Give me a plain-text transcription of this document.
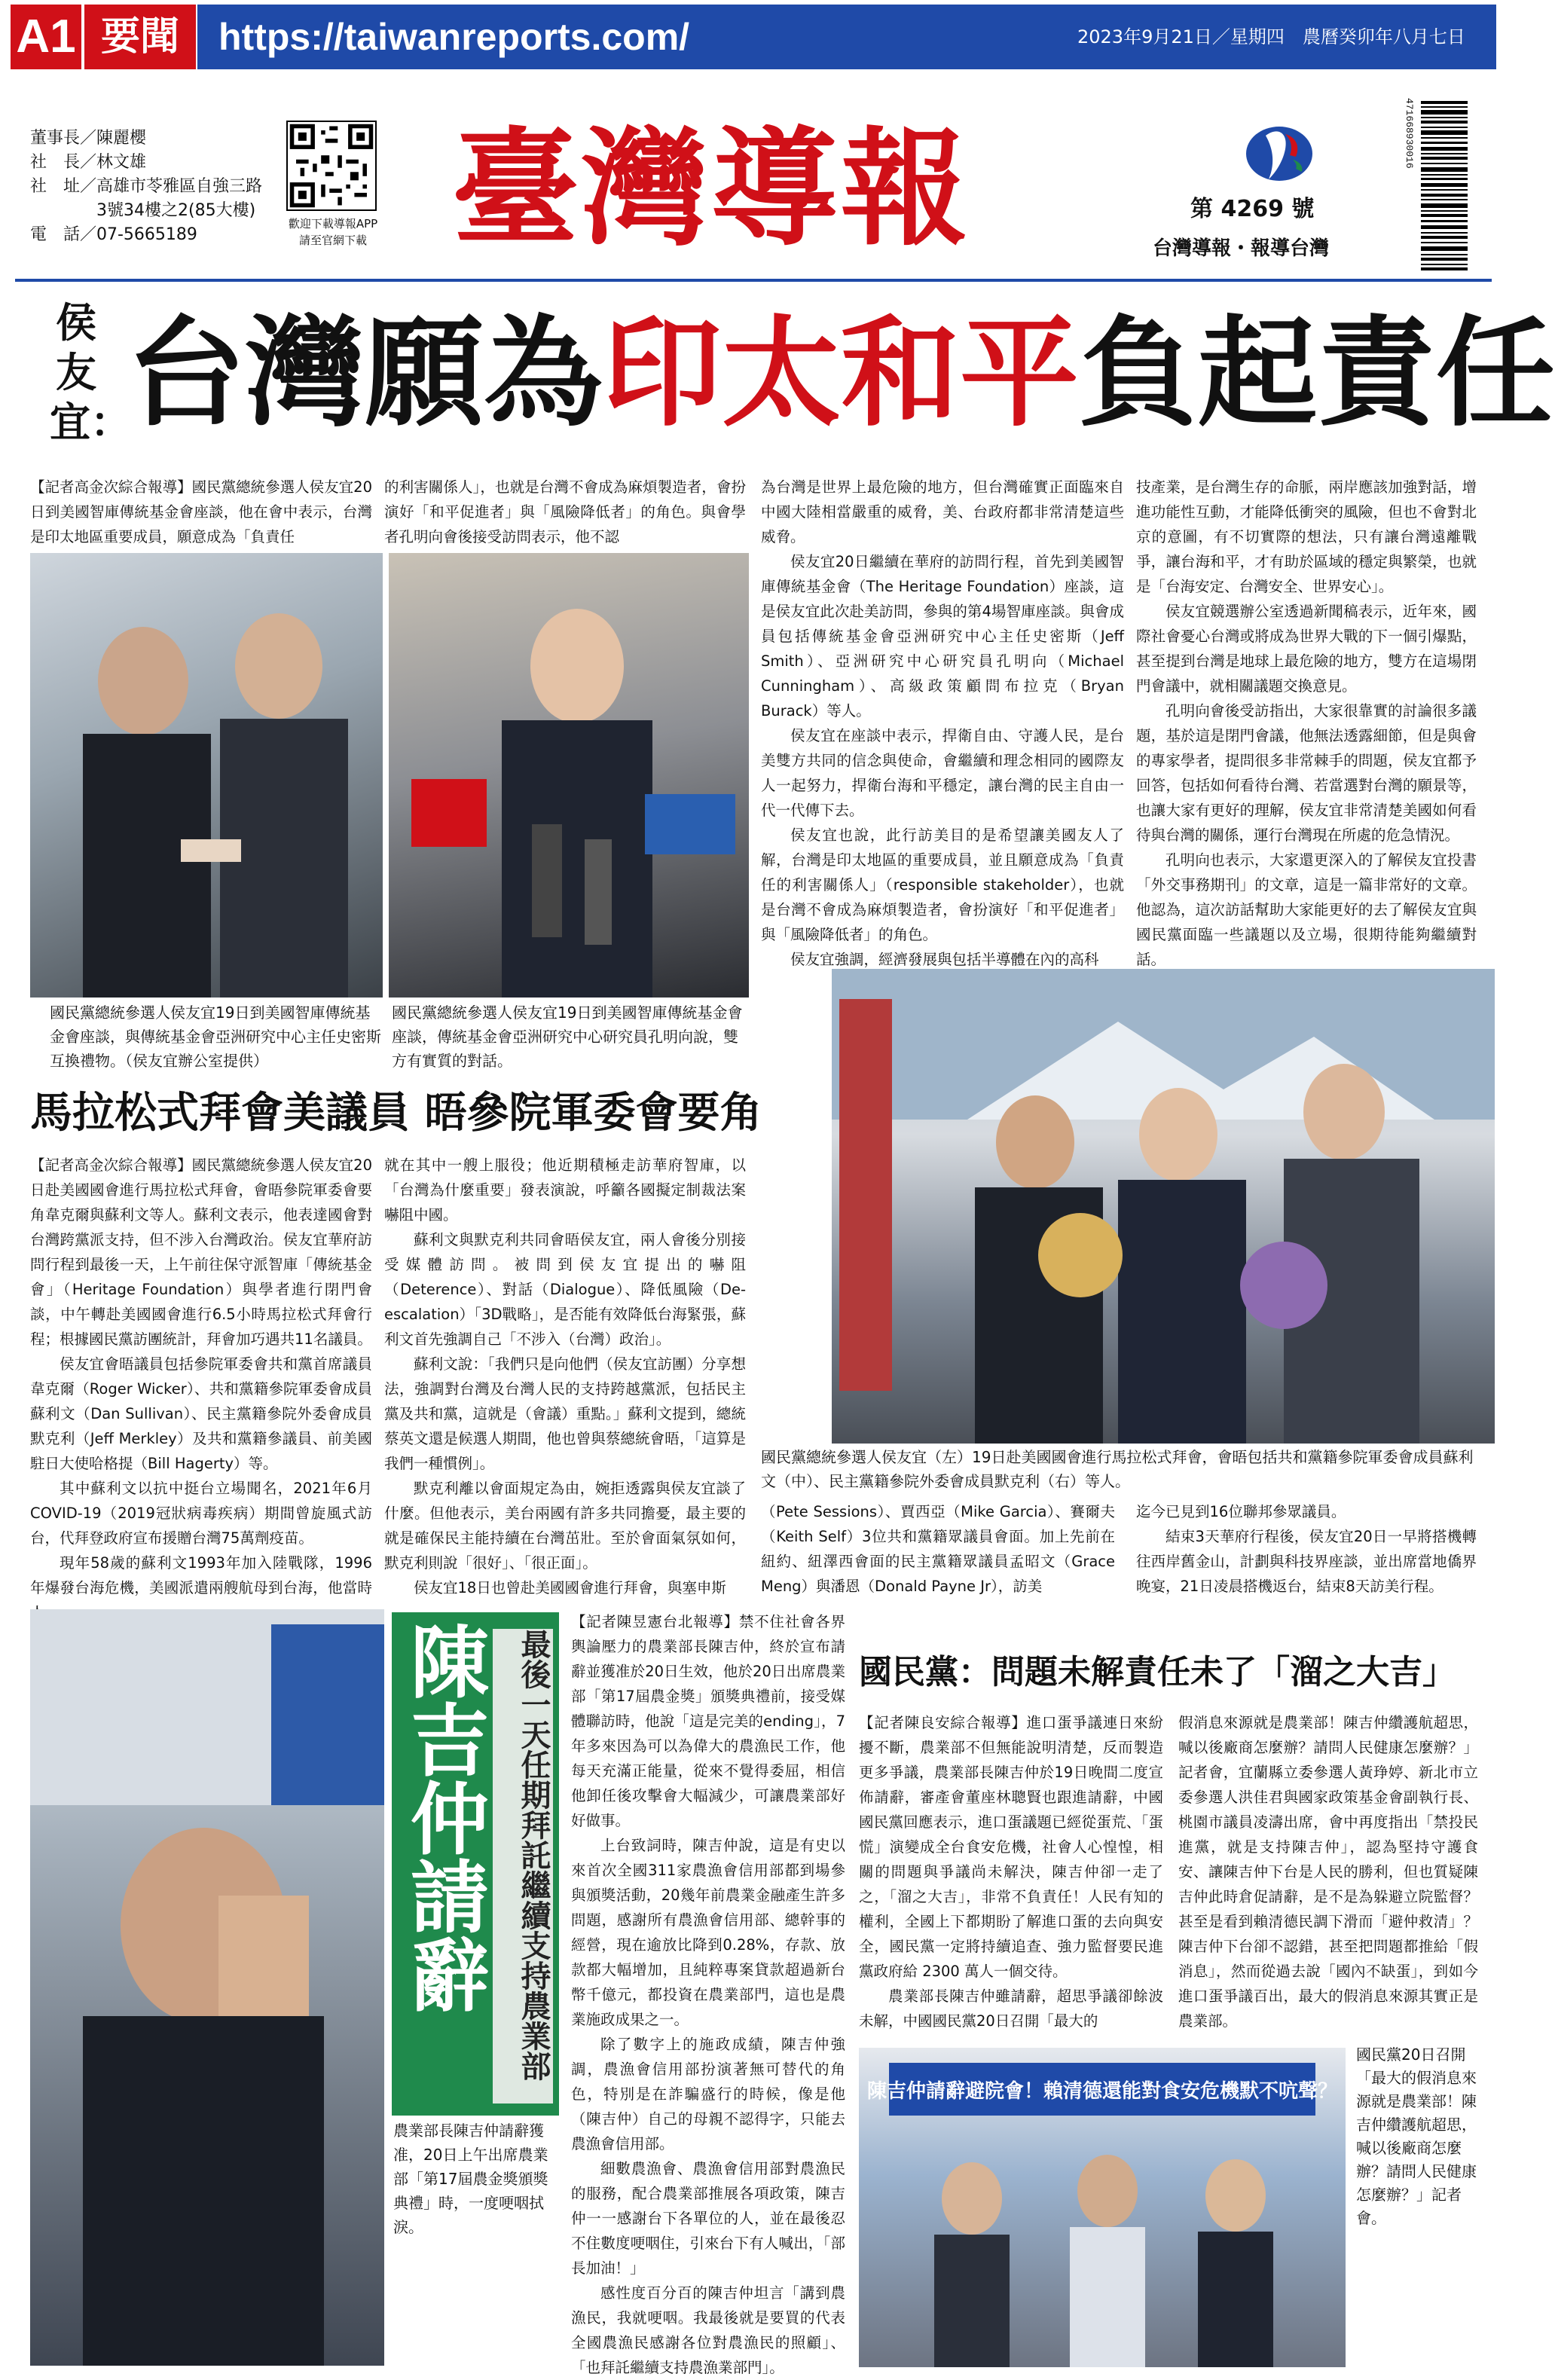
A1 要聞	https://taiwanreports.com/	2023年9月21日／星期四　農曆癸卯年八月七日
董事長／陳麗櫻
社　長／林文雄
社　址／高雄市苓雅區自強三路
　　　　3號34樓之2(85大樓)
電　話／07-5665189
歡迎下載導報APP
請至官網下載 臺灣導報	第 4269 號
台灣導報・報導台灣
471668930016
侯友宜：
台灣願為印太和平負起責任

【記者高金次綜合報導】國民黨總統參選人侯友宜20日到美國智庫傳統基金會座談，他在會中表示，台灣是印太地區重要成員，願意成為「負責任

的利害關係人」，也就是台灣不會成為麻煩製造者，會扮演好「和平促進者」與「風險降低者」的角色。與會學者孔明向會後接受訪問表示，他不認

為台灣是世界上最危險的地方，但台灣確實正面臨來自中國大陸相當嚴重的威脅，美、台政府都非常清楚這些威脅。

侯友宜20日繼續在華府的訪問行程，首先到美國智庫傳統基金會（The Heritage Foundation）座談，這是侯友宜此次赴美訪問，參與的第4場智庫座談。與會成員包括傳統基金會亞洲研究中心主任史密斯（Jeff Smith）、亞洲研究中心研究員孔明向（Michael Cunningham）、高級政策顧問布拉克（Bryan Burack）等人。

侯友宜在座談中表示，捍衛自由、守護人民，是台美雙方共同的信念與使命，會繼續和理念相同的國際友人一起努力，捍衛台海和平穩定，讓台灣的民主自由一代一代傳下去。

侯友宜也說，此行訪美目的是希望讓美國友人了解，台灣是印太地區的重要成員，並且願意成為「負責任的利害關係人」（responsible stakeholder），也就是台灣不會成為麻煩製造者，會扮演好「和平促進者」與「風險降低者」的角色。

侯友宜強調，經濟發展與包括半導體在內的高科

技產業，是台灣生存的命脈，兩岸應該加強對話，增進功能性互動，才能降低衝突的風險，但也不會對北京的意圖，有不切實際的想法，只有讓台灣遠離戰爭，讓台海和平，才有助於區域的穩定與繁榮，也就是「台海安定、台灣安全、世界安心」。

侯友宜競選辦公室透過新聞稿表示，近年來，國際社會憂心台灣或將成為世界大戰的下一個引爆點，甚至提到台灣是地球上最危險的地方，雙方在這場閉門會議中，就相關議題交換意見。

孔明向會後受訪指出，大家很靠實的討論很多議題，基於這是閉門會議，他無法透露細節，但是與會的專家學者，提問很多非常棘手的問題，侯友宜都予回答，包括如何看待台灣、若當選對台灣的願景等，也讓大家有更好的理解，侯友宜非常清楚美國如何看待與台灣的關係，運行台灣現在所處的危急情況。

孔明向也表示，大家還更深入的了解侯友宜投書「外交事務期刊」的文章，這是一篇非常好的文章。他認為，這次訪話幫助大家能更好的去了解侯友宜與國民黨面臨一些議題以及立場，很期待能夠繼續對話。

國民黨總統參選人侯友宜19日到美國智庫傳統基金會座談，與傳統基金會亞洲研究中心主任史密斯互換禮物。（侯友宜辦公室提供）
國民黨總統參選人侯友宜19日到美國智庫傳統基金會座談，傳統基金會亞洲研究中心研究員孔明向說，雙方有實質的對話。
馬拉松式拜會美議員 晤參院軍委會要角

【記者高金次綜合報導】國民黨總統參選人侯友宜20日赴美國國會進行馬拉松式拜會，會晤參院軍委會要角韋克爾與蘇利文等人。蘇利文表示，他表達國會對台灣跨黨派支持，但不涉入台灣政治。侯友宜華府訪問行程到最後一天，上午前往保守派智庫「傳統基金會」（Heritage Foundation）與學者進行閉門會談，中午轉赴美國國會進行6.5小時馬拉松式拜會行程；根據國民黨訪團統計，拜會加巧遇共11名議員。

侯友宜會晤議員包括參院軍委會共和黨首席議員韋克爾（Roger Wicker）、共和黨籍參院軍委會成員蘇利文（Dan Sullivan）、民主黨籍參院外委會成員默克利（Jeff Merkley）及共和黨籍參議員、前美國駐日大使哈格提（Bill Hagerty）等。

其中蘇利文以抗中挺台立場聞名，2021年6月COVID-19（2019冠狀病毒疾病）期間曾旋風式訪台，代拜登政府宣布援贈台灣75萬劑疫苗。

現年58歲的蘇利文1993年加入陸戰隊，1996年爆發台海危機，美國派遣兩艘航母到台海，他當時

就在其中一艘上服役；他近期積極走訪華府智庫，以「台灣為什麼重要」發表演說，呼籲各國擬定制裁法案嚇阻中國。

蘇利文與默克利共同會晤侯友宜，兩人會後分別接受媒體訪問。被問到侯友宜提出的嚇阻（Deterence）、對話（Dialogue）、降低風險（De-escalation）「3D戰略」，是否能有效降低台海緊張，蘇利文首先強調自己「不涉入（台灣）政治」。

蘇利文說：「我們只是向他們（侯友宜訪團）分享想法，強調對台灣及台灣人民的支持跨越黨派，包括民主黨及共和黨，這就是（會議）重點。」蘇利文提到，總統蔡英文還是候選人期間，他也曾與蔡總統會晤，「這算是我們一種慣例」。

默克利離以會面規定為由，婉拒透露與侯友宜談了什麼。但他表示，美台兩國有許多共同擔憂，最主要的就是確保民主能持續在台灣茁壯。至於會面氣氛如何，默克利則說「很好」、「很正面」。

侯友宜18日也曾赴美國國會進行拜會，與塞申斯

國民黨總統參選人侯友宜（左）19日赴美國國會進行馬拉松式拜會，會晤包括共和黨籍參院軍委會成員蘇利文（中）、民主黨籍參院外委會成員默克利（右）等人。

（Pete Sessions）、賈西亞（Mike Garcia）、賽爾夫（Keith Self）3位共和黨籍眾議員會面。加上先前在紐約、紐澤西會面的民主黨籍眾議員孟昭文（Grace Meng）與潘恩（Donald Payne Jr），訪美

迄今已見到16位聯邦參眾議員。

結束3天華府行程後，侯友宜20日一早將搭機轉往西岸舊金山，計劃與科技界座談，並出席當地僑界晚宴，21日凌晨搭機返台，結束8天訪美行程。

陳吉仲請辭 最後一天任期拜託繼續支持農業部
農業部長陳吉仲請辭獲准，20日上午出席農業部「第17屆農金獎頒獎典禮」時，一度哽咽拭淚。

【記者陳昱憲台北報導】禁不住社會各界輿論壓力的農業部長陳吉仲，終於宣布請辭並獲准於20日生效，他於20日出席農業部「第17屆農金獎」頒獎典禮前，接受媒體聯訪時，他說「這是完美的ending」，7年多來因為可以為偉大的農漁民工作，他每天充滿正能量，從來不覺得委屈，相信他卸任後攻擊會大幅減少，可讓農業部好好做事。

上台致詞時，陳吉仲說，這是有史以來首次全國311家農漁會信用部都到場參與頒獎活動，20幾年前農業金融產生許多問題，感謝所有農漁會信用部、總幹事的經營，現在逾放比降到0.28%，存款、放款都大幅增加，且純粹專案貸款超過新台幣千億元，都投資在農業部門，這也是農業施政成果之一。

除了數字上的施政成績，陳吉仲強調，農漁會信用部扮演著無可替代的角色，特別是在詐騙盛行的時候，像是他（陳吉仲）自己的母親不認得字，只能去農漁會信用部。

細數農漁會、農漁會信用部對農漁民的服務，配合農業部推展各項政策，陳吉仲一一感謝台下各單位的人，並在最後忍不住數度哽咽住，引來台下有人喊出，「部長加油！」

感性度百分百的陳吉仲坦言「講到農漁民，我就哽咽。我最後就是要買的代表全國農漁民感謝各位對農漁民的照顧」、「也拜託繼續支持農漁業部門」。

國民黨：問題未解責任未了「溜之大吉」

【記者陳良安綜合報導】進口蛋爭議連日來紛擾不斷，農業部不但無能說明清楚，反而製造更多爭議，農業部長陳吉仲於19日晚間二度宣佈請辭，審產會董座林聰賢也跟進請辭，中國國民黨回應表示，進口蛋議題已經從蛋荒、「蛋慌」演變成全台食安危機，社會人心惶惶，相關的問題與爭議尚未解決，陳吉仲卻一走了之，「溜之大吉」，非常不負責任！人民有知的權利，全國上下都期盼了解進口蛋的去向與安全，國民黨一定將持續追查、強力監督要民進黨政府給 2300 萬人一個交待。

農業部長陳吉仲雖請辭，超思爭議卻餘波未解，中國國民黨20日召開「最大的

假消息來源就是農業部！陳吉仲纘護航超思，喊以後廠商怎麼辦？請問人民健康怎麼辦？」記者會，宜蘭縣立委參選人黃琤婷、新北市立委參選人洪佳君與國家政策基金會副執行長、桃園市議員凌濤出席，會中再度指出「禁投民進黨，就是支持陳吉仲」，認為堅持守護食安、讓陳吉仲下台是人民的勝利，但也質疑陳吉仲此時倉促請辭，是不是為躲避立院監督？甚至是看到賴清德民調下滑而「避仲救清」？陳吉仲下台卻不認錯，甚至把問題都推給「假消息」，然而從過去說「國內不缺蛋」，到如今進口蛋爭議百出，最大的假消息來源其實正是農業部。

陳吉仲請辭避院會！賴清德還能對食安危機默不吭聲？
國民黨20日召開「最大的假消息來源就是農業部！陳吉仲纘護航超思，喊以後廠商怎麼辦？請問人民健康怎麼辦？」記者會。
